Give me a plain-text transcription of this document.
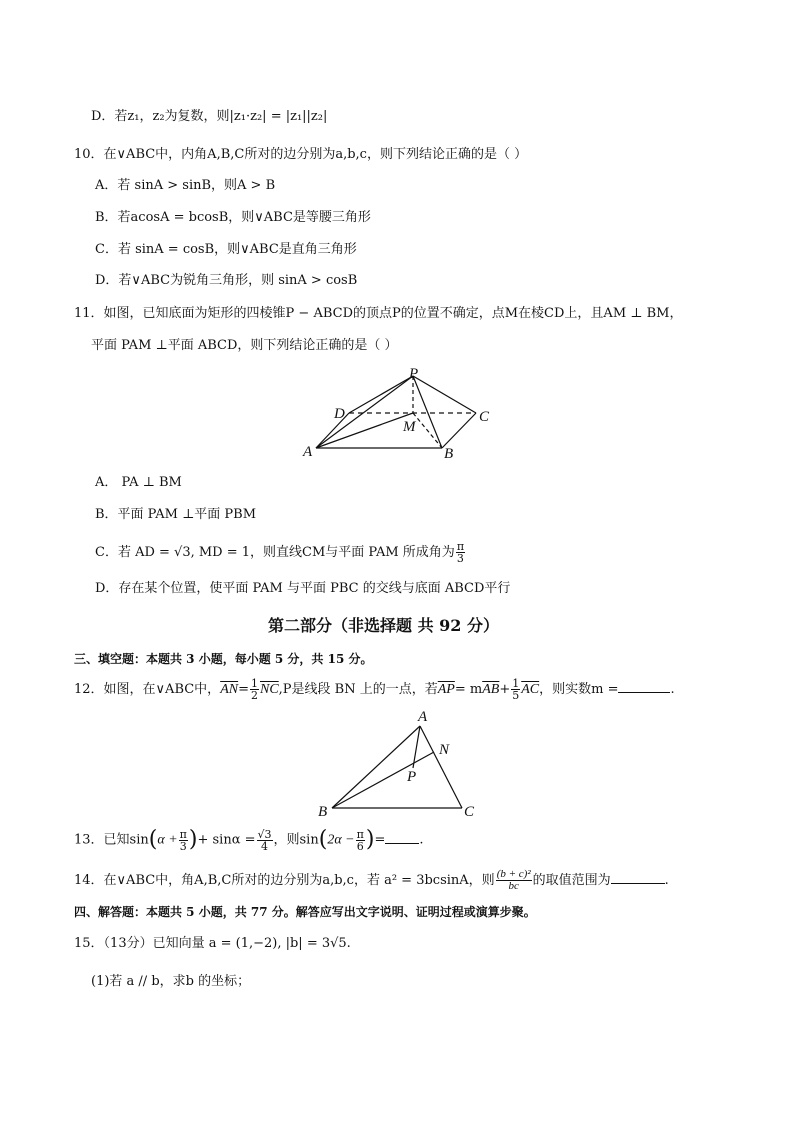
D．若z₁，z₂为复数，则|z₁·z₂| = |z₁||z₂|
10．在∨ABC中，内角A,B,C所对的边分别为a,b,c，则下列结论正确的是（ ）
A．若 sinA > sinB，则A > B
B．若acosA = bcosB，则∨ABC是等腰三角形
C．若 sinA = cosB，则∨ABC是直角三角形
D．若∨ABC为锐角三角形，则 sinA > cosB
11．如图，已知底面为矩形的四棱锥P − ABCD的顶点P的位置不确定，点M在棱CD上，且AM ⊥ BM，
平面 PAM ⊥平面 ABCD，则下列结论正确的是（ ）
P
D	C
M
A	B
A． PA ⊥ BM
B．平面 PAM ⊥平面 PBM
C．若 AD = √3, MD = 1，则直线CM与平面 PAM 所成角为 $\frac{\pi}{3}$
D．存在某个位置，使平面 PAM 与平面 PBC 的交线与底面 ABCD平行
第二部分（非选择题 共 92 分）
三、填空题：本题共 3 小题，每小题 5 分，共 15 分。
12．如图，在∨ABC中，$\overline{AN}= \frac{1}{2} \overline{NC},P$是线段 BN 上的一点，若$\overline{AP}= m\overline{AB}+ \frac{1}{5} \overline{AC}$，则实数m =	.
A
N
P
B	C
13．已知$\sin(\alpha + \frac{\pi}{3}$ )+ $\sin\alpha = \frac{√3}{4}$ ，则$\sin(2\alpha - \frac{\pi}{6}$ )=	.
14．在∨ABC中，角A,B,C所对的边分别为a,b,c，若 a² = 3bcsinA，则 $\frac{\text{(b + c)²}}{bc}$ 的取值范围为	.
四、解答题：本题共 5 小题，共 77 分。解答应写出文字说明、证明过程或演算步聚。
15．（13分）已知向量 a = (1,−2), |b| = 3√5.
(1)若 a // b，求b 的坐标；
